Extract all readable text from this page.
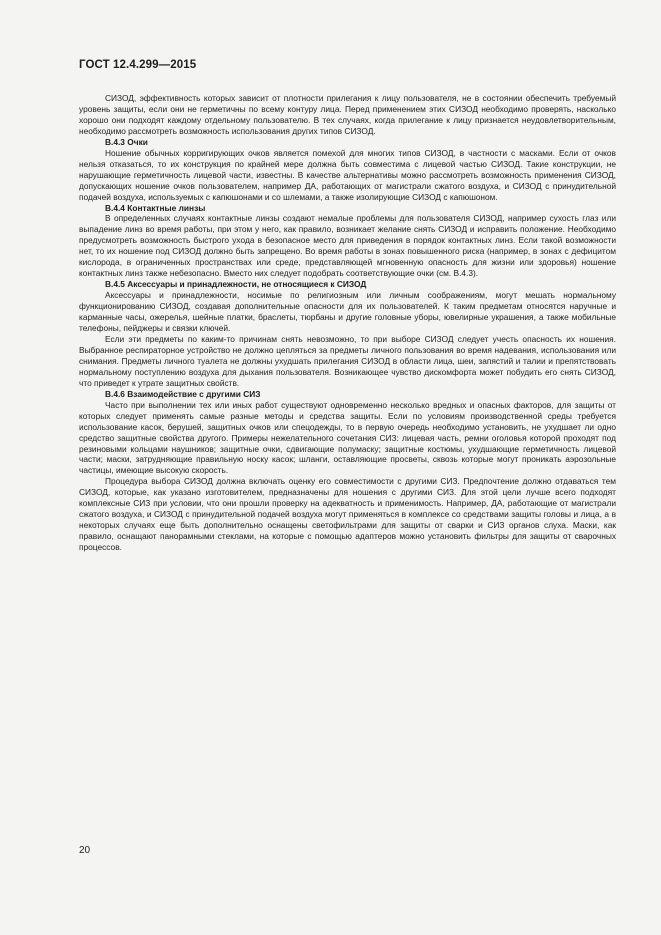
ГОСТ 12.4.299—2015

СИЗОД, эффективность которых зависит от плотности прилегания к лицу пользователя, не в состоянии обеспечить требуемый уровень защиты, если они не герметичны по всему контуру лица. Перед применением этих СИЗОД необходимо проверять, насколько хорошо они подходят каждому отдельному пользователю. В тех случаях, когда прилегание к лицу признается неудовлетворительным, необходимо рассмотреть возможность использования других типов СИЗОД.

В.4.3 Очки

Ношение обычных корригирующих очков является помехой для многих типов СИЗОД, в частности с масками. Если от очков нельзя отказаться, то их конструкция по крайней мере должна быть совместима с лицевой частью СИЗОД. Такие конструкции, не нарушающие герметичность лицевой части, известны. В качестве альтернативы можно рассмотреть возможность применения СИЗОД, допускающих ношение очков пользователем, например ДА, работающих от магистрали сжатого воздуха, и СИЗОД с принудительной подачей воздуха, используемых с капюшонами и со шлемами, а также изолирующие СИЗОД с капюшоном.

В.4.4 Контактные линзы

В определенных случаях контактные линзы создают немалые проблемы для пользователя СИЗОД, например сухость глаз или выпадение линз во время работы, при этом у него, как правило, возникает желание снять СИЗОД и исправить положение. Необходимо предусмотреть возможность быстрого ухода в безопасное место для приведения в порядок контактных линз. Если такой возможности нет, то их ношение под СИЗОД должно быть запрещено. Во время работы в зонах повышенного риска (например, в зонах с дефицитом кислорода, в ограниченных пространствах или среде, представляющей мгновенную опасность для жизни или здоровья) ношение контактных линз также небезопасно. Вместо них следует подобрать соответствующие очки (см. В.4.3).

В.4.5 Аксессуары и принадлежности, не относящиеся к СИЗОД

Аксессуары и принадлежности, носимые по религиозным или личным соображениям, могут мешать нормальному функционированию СИЗОД, создавая дополнительные опасности для их пользователей. К таким предметам относятся наручные и карманные часы, ожерелья, шейные платки, браслеты, тюрбаны и другие головные уборы, ювелирные украшения, а также мобильные телефоны, пейджеры и связки ключей.

Если эти предметы по каким-то причинам снять невозможно, то при выборе СИЗОД следует учесть опасность их ношения. Выбранное респираторное устройство не должно цепляться за предметы личного пользования во время надевания, использования или снимания. Предметы личного туалета не должны ухудшать прилегания СИЗОД в области лица, шеи, запястий и талии и препятствовать нормальному поступлению воздуха для дыхания пользователя. Возникающее чувство дискомфорта может побудить его снять СИЗОД, что приведет к утрате защитных свойств.

В.4.6 Взаимодействие с другими СИЗ

Часто при выполнении тех или иных работ существуют одновременно несколько вредных и опасных факторов, для защиты от которых следует применять самые разные методы и средства защиты. Если по условиям производственной среды требуется использование касок, берушей, защитных очков или спецодежды, то в первую очередь необходимо установить, не ухудшает ли одно средство защитные свойства другого. Примеры нежелательного сочетания СИЗ: лицевая часть, ремни оголовья которой проходят под резиновыми кольцами наушников; защитные очки, сдвигающие полумаску; защитные костюмы, ухудшающие герметичность лицевой части; маски, затрудняющие правильную носку касок; шланги, оставляющие просветы, сквозь которые могут проникать аэрозольные частицы, имеющие высокую скорость.

Процедура выбора СИЗОД должна включать оценку его совместимости с другими СИЗ. Предпочтение должно отдаваться тем СИЗОД, которые, как указано изготовителем, предназначены для ношения с другими СИЗ. Для этой цели лучше всего подходят комплексные СИЗ при условии, что они прошли проверку на адекватность и применимость. Например, ДА, работающие от магистрали сжатого воздуха, и СИЗОД с принудительной подачей воздуха могут применяться в комплексе со средствами защиты головы и лица, а в некоторых случаях еще быть дополнительно оснащены светофильтрами для защиты от сварки и СИЗ органов слуха. Маски, как правило, оснащают панорамными стеклами, на которые с помощью адаптеров можно установить фильтры для защиты от сварочных процессов.

20
